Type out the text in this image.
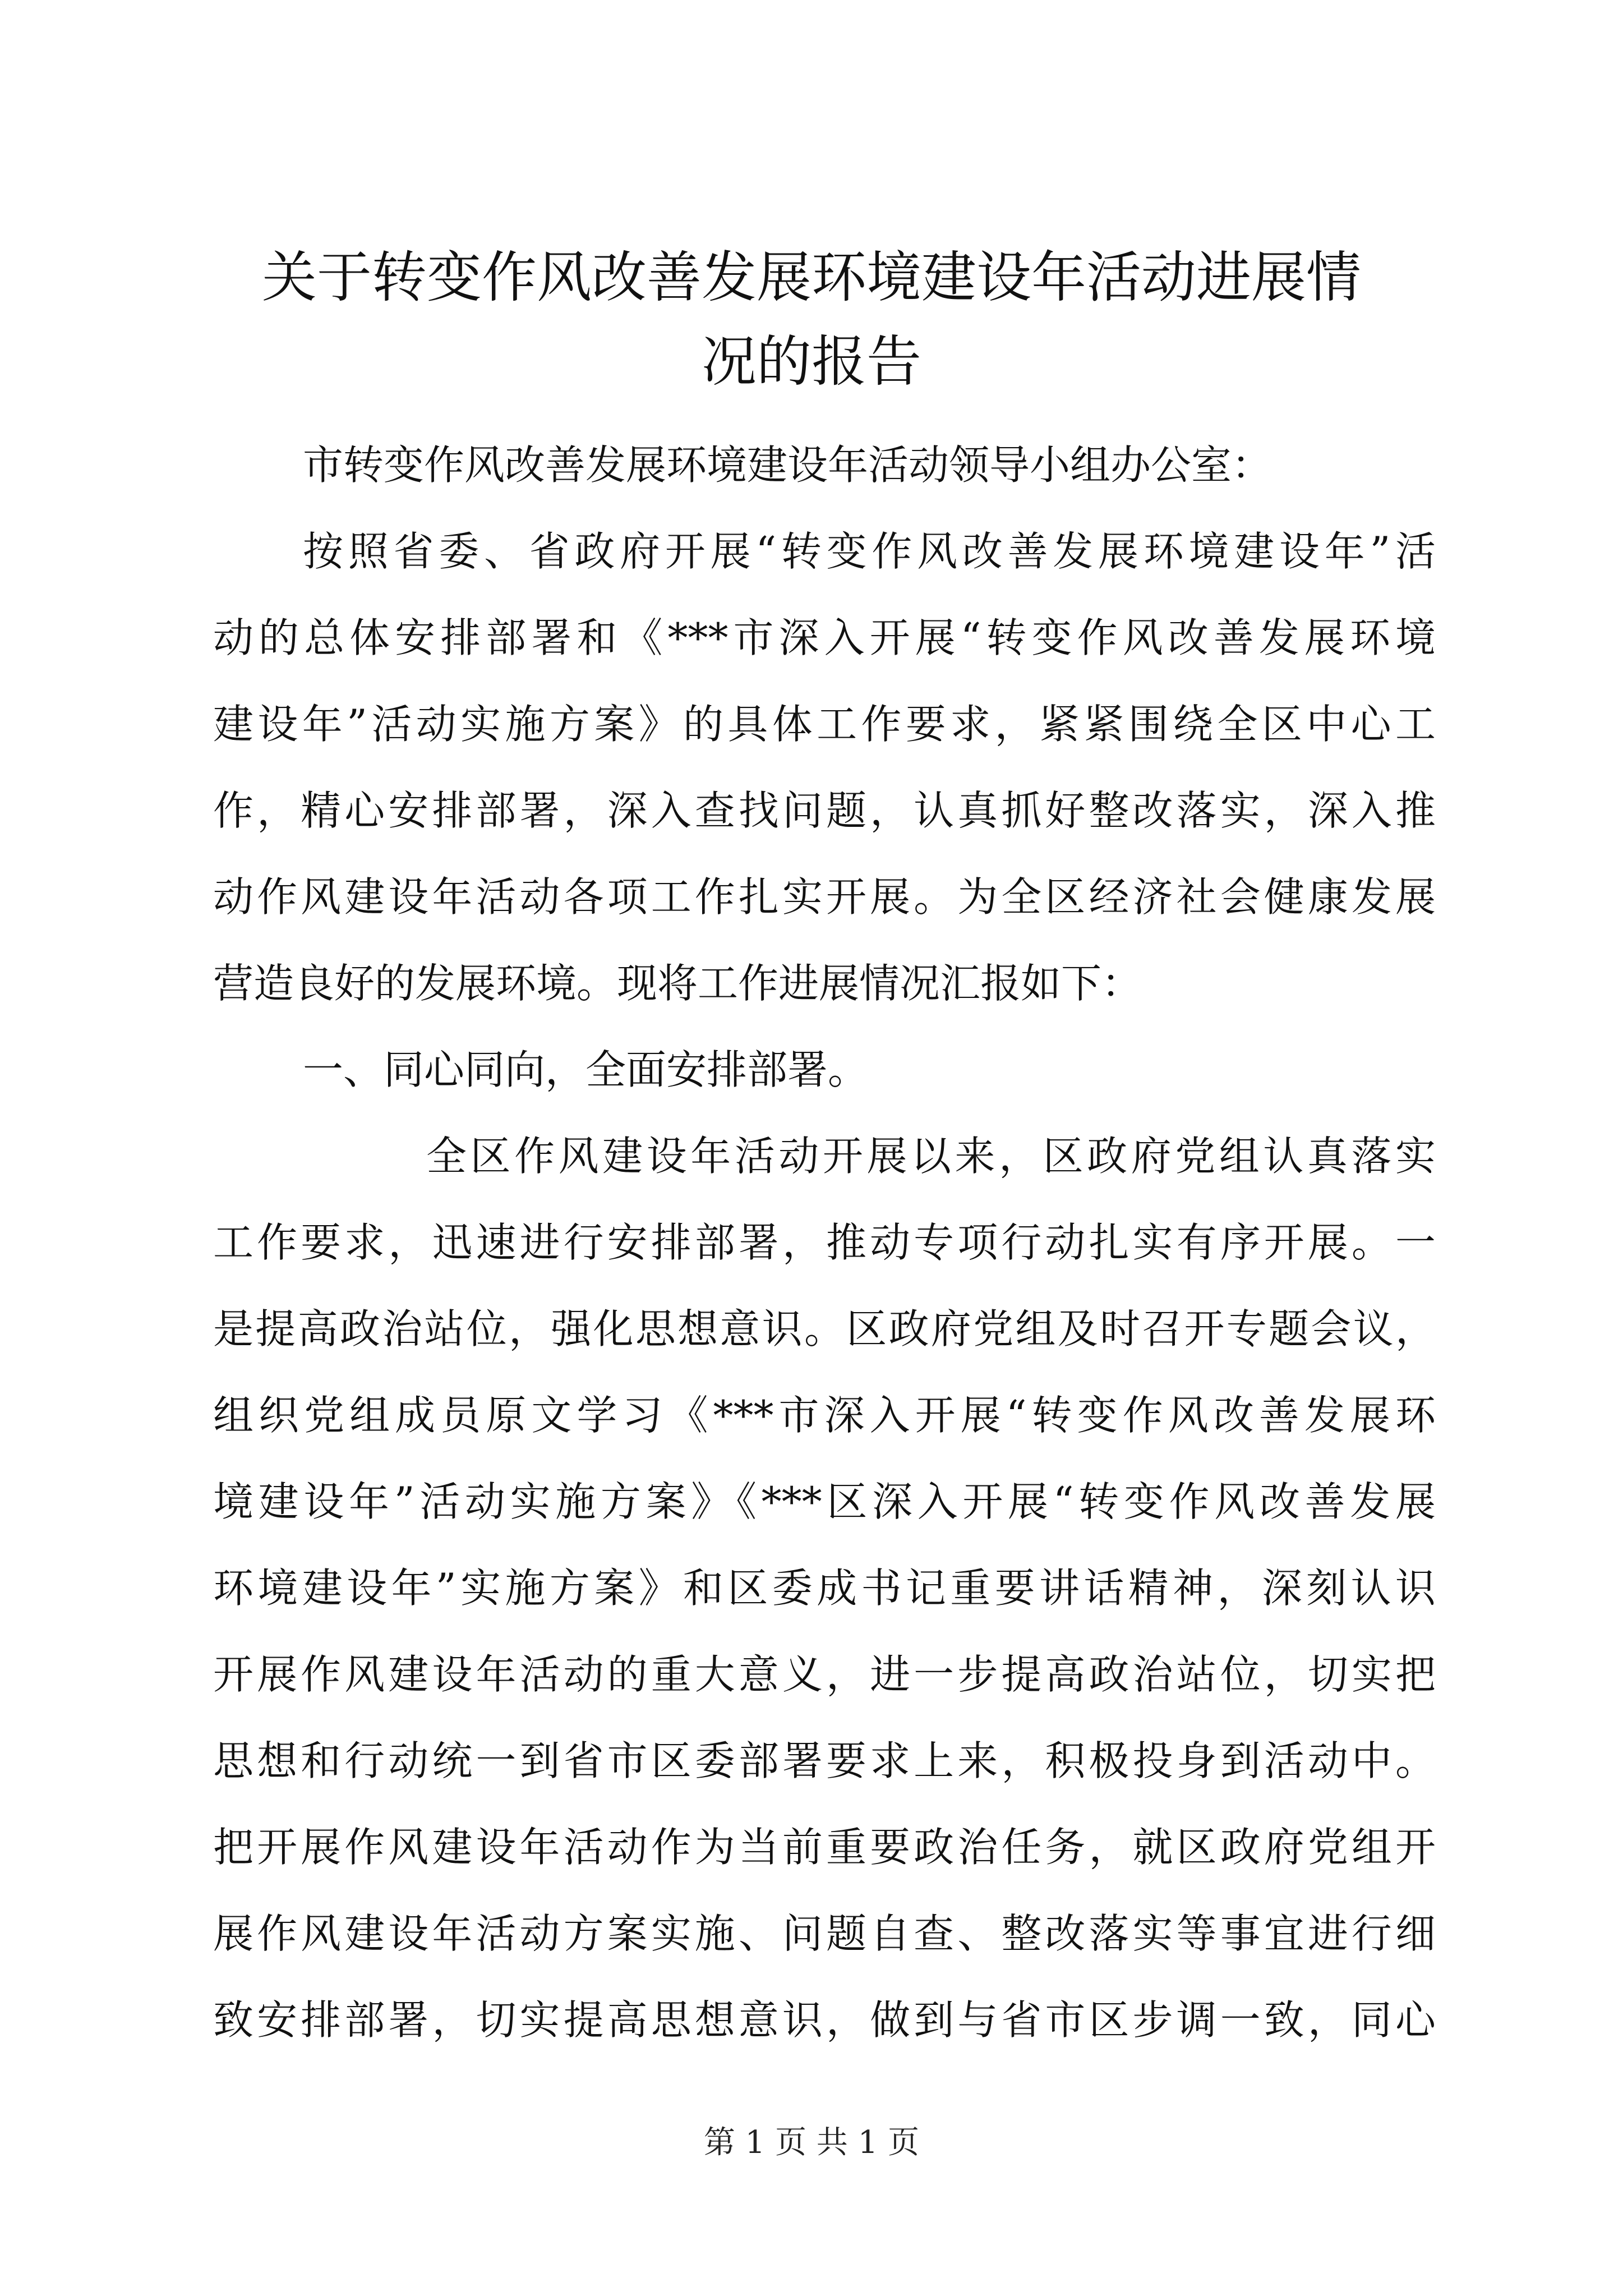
关于转变作风改善发展环境建设年活动进展情
况的报告
市转变作风改善发展环境建设年活动领导小组办公室：
按照省委、省政府开展“转变作风改善发展环境建设年”活
动的总体安排部署和《***市深入开展“转变作风改善发展环境
建设年”活动实施方案》的具体工作要求，紧紧围绕全区中心工
作，精心安排部署，深入查找问题，认真抓好整改落实，深入推
动作风建设年活动各项工作扎实开展。为全区经济社会健康发展
营造良好的发展环境。现将工作进展情况汇报如下：
一、同心同向，全面安排部署。
全区作风建设年活动开展以来，区政府党组认真落实
工作要求，迅速进行安排部署，推动专项行动扎实有序开展。一
是提高政治站位，强化思想意识。区政府党组及时召开专题会议，
组织党组成员原文学习《***市深入开展“转变作风改善发展环
境建设年”活动实施方案》《***区深入开展“转变作风改善发展
环境建设年”实施方案》和区委成书记重要讲话精神，深刻认识
开展作风建设年活动的重大意义，进一步提高政治站位，切实把
思想和行动统一到省市区委部署要求上来，积极投身到活动中。
把开展作风建设年活动作为当前重要政治任务，就区政府党组开
展作风建设年活动方案实施、问题自查、整改落实等事宜进行细
致安排部署，切实提高思想意识，做到与省市区步调一致，同心
第 1 页 共 1 页
